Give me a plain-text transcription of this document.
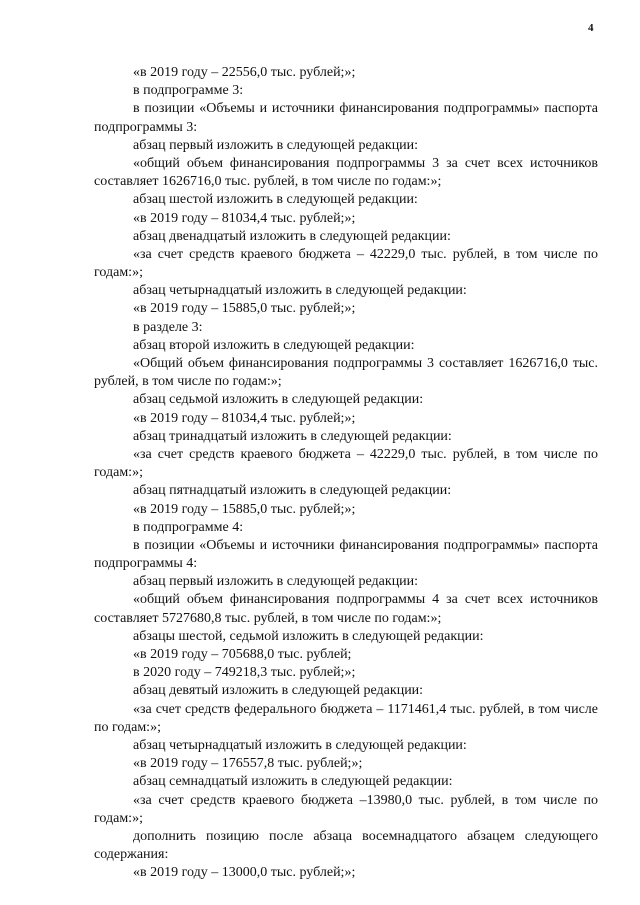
4

«в 2019 году – 22556,0 тыс. рублей;»;

в подпрограмме 3:

в позиции «Объемы и источники финансирования подпрограммы» паспорта подпрограммы 3:

абзац первый изложить в следующей редакции:

«общий объем финансирования подпрограммы 3 за счет всех источников составляет 1626716,0 тыс. рублей, в том числе по годам:»;

абзац шестой изложить в следующей редакции:

«в 2019 году – 81034,4 тыс. рублей;»;

абзац двенадцатый изложить в следующей редакции:

«за счет средств краевого бюджета – 42229,0 тыс. рублей, в том числе по годам:»;

абзац четырнадцатый изложить в следующей редакции:

«в 2019 году – 15885,0 тыс. рублей;»;

в разделе 3:

абзац второй изложить в следующей редакции:

«Общий объем финансирования подпрограммы 3 составляет 1626716,0 тыс. рублей, в том числе по годам:»;

абзац седьмой изложить в следующей редакции:

«в 2019 году – 81034,4 тыс. рублей;»;

абзац тринадцатый изложить в следующей редакции:

«за счет средств краевого бюджета – 42229,0 тыс. рублей, в том числе по годам:»;

абзац пятнадцатый изложить в следующей редакции:

«в 2019 году – 15885,0 тыс. рублей;»;

в подпрограмме 4:

в позиции «Объемы и источники финансирования подпрограммы» паспорта подпрограммы 4:

абзац первый изложить в следующей редакции:

«общий объем финансирования подпрограммы 4 за счет всех источников составляет 5727680,8 тыс. рублей, в том числе по годам:»;

абзацы шестой, седьмой изложить в следующей редакции:

«в 2019 году – 705688,0 тыс. рублей;

в 2020 году – 749218,3 тыс. рублей;»;

абзац девятый изложить в следующей редакции:

«за счет средств федерального бюджета – 1171461,4 тыс. рублей, в том числе по годам:»;

абзац четырнадцатый изложить в следующей редакции:

«в 2019 году – 176557,8 тыс. рублей;»;

абзац семнадцатый изложить в следующей редакции:

«за счет средств краевого бюджета –13980,0 тыс. рублей, в том числе по годам:»;

дополнить позицию после абзаца восемнадцатого абзацем следующего содержания:

«в 2019 году – 13000,0 тыс. рублей;»;
